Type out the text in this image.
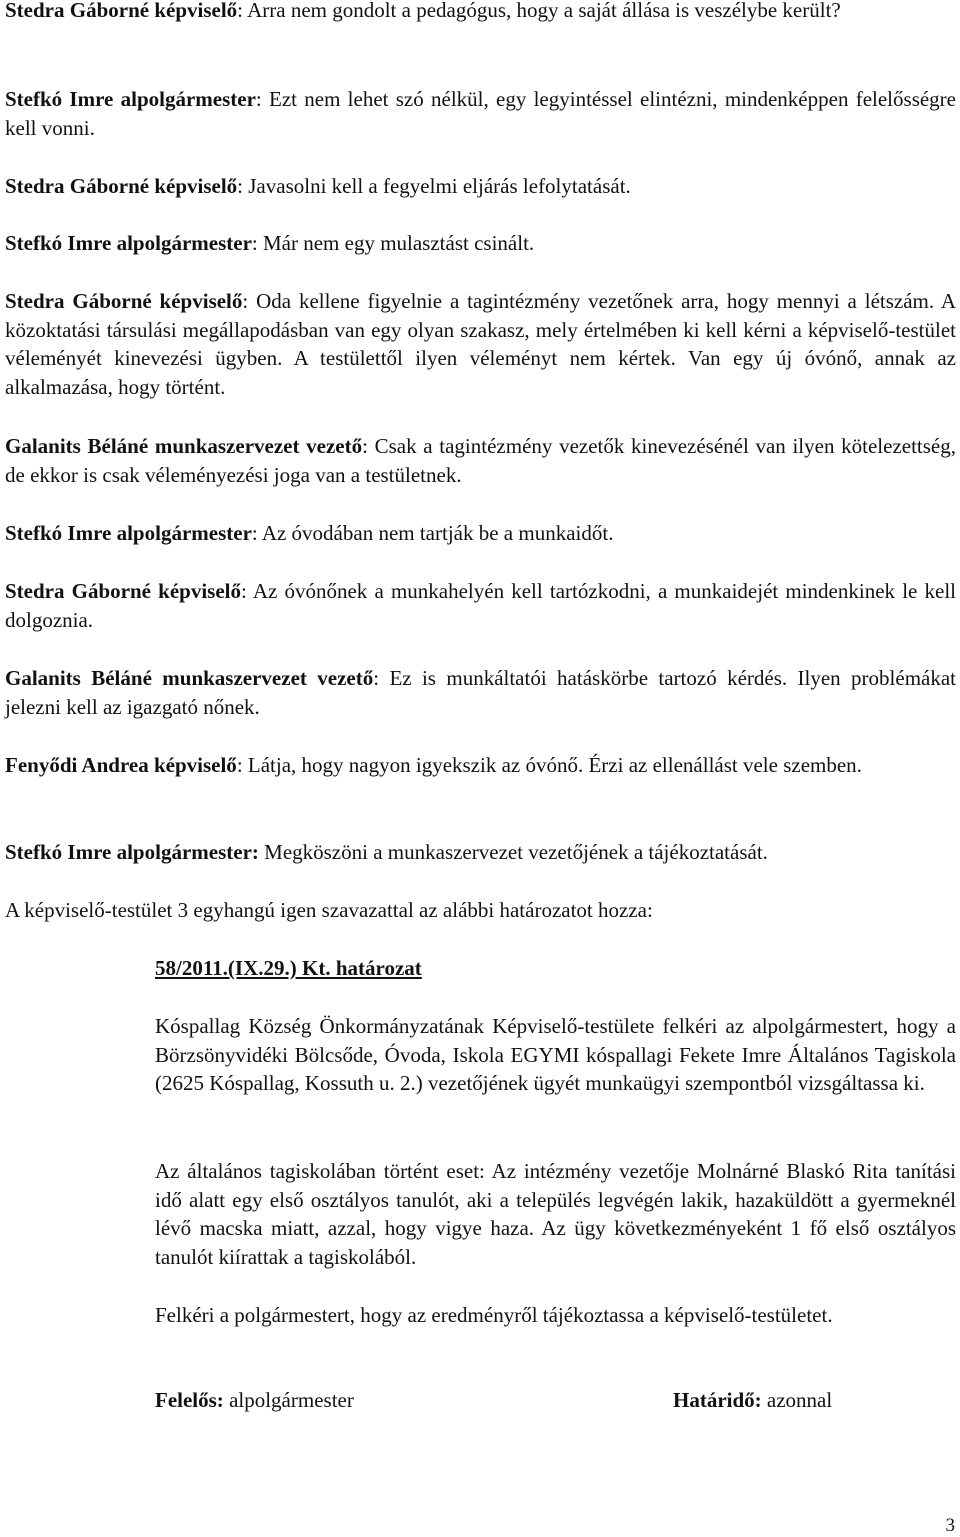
Stedra Gáborné képviselő: Arra nem gondolt a pedagógus, hogy a saját állása is veszélybe került?

Stefkó Imre alpolgármester: Ezt nem lehet szó nélkül, egy legyintéssel elintézni, mindenképpen felelősségre kell vonni.

Stedra Gáborné képviselő: Javasolni kell a fegyelmi eljárás lefolytatását.

Stefkó Imre alpolgármester: Már nem egy mulasztást csinált.

Stedra Gáborné képviselő: Oda kellene figyelnie a tagintézmény vezetőnek arra, hogy mennyi a létszám. A közoktatási társulási megállapodásban van egy olyan szakasz, mely értelmében ki kell kérni a képviselő-testület véleményét kinevezési ügyben. A testülettől ilyen véleményt nem kértek. Van egy új óvónő, annak az alkalmazása, hogy történt.

Galanits Béláné munkaszervezet vezető: Csak a tagintézmény vezetők kinevezésénél van ilyen kötelezettség, de ekkor is csak véleményezési joga van a testületnek.

Stefkó Imre alpolgármester: Az óvodában nem tartják be a munkaidőt.

Stedra Gáborné képviselő: Az óvónőnek a munkahelyén kell tartózkodni, a munkaidejét mindenkinek le kell dolgoznia.

Galanits Béláné munkaszervezet vezető: Ez is munkáltatói hatáskörbe tartozó kérdés. Ilyen problémákat jelezni kell az igazgató nőnek.

Fenyődi Andrea képviselő: Látja, hogy nagyon igyekszik az óvónő. Érzi az ellenállást vele szemben.

Stefkó Imre alpolgármester: Megköszöni a munkaszervezet vezetőjének a tájékoztatását.

A képviselő-testület 3 egyhangú igen szavazattal az alábbi határozatot hozza:

58/2011.(IX.29.) Kt. határozat

Kóspallag Község Önkormányzatának Képviselő-testülete felkéri az alpolgármestert, hogy a Börzsönyvidéki Bölcsőde, Óvoda, Iskola EGYMI kóspallagi Fekete Imre Általános Tagiskola (2625 Kóspallag, Kossuth u. 2.) vezetőjének ügyét munkaügyi szempontból vizsgáltassa ki.

Az általános tagiskolában történt eset: Az intézmény vezetője Molnárné Blaskó Rita tanítási idő alatt egy első osztályos tanulót, aki a település legvégén lakik, hazaküldött a gyermeknél lévő macska miatt, azzal, hogy vigye haza. Az ügy következményeként 1 fő első osztályos tanulót kiírattak a tagiskolából.

Felkéri a polgármestert, hogy az eredményről tájékoztassa a képviselő-testületet.

Felelős: alpolgármester	Határidő: azonnal
3
